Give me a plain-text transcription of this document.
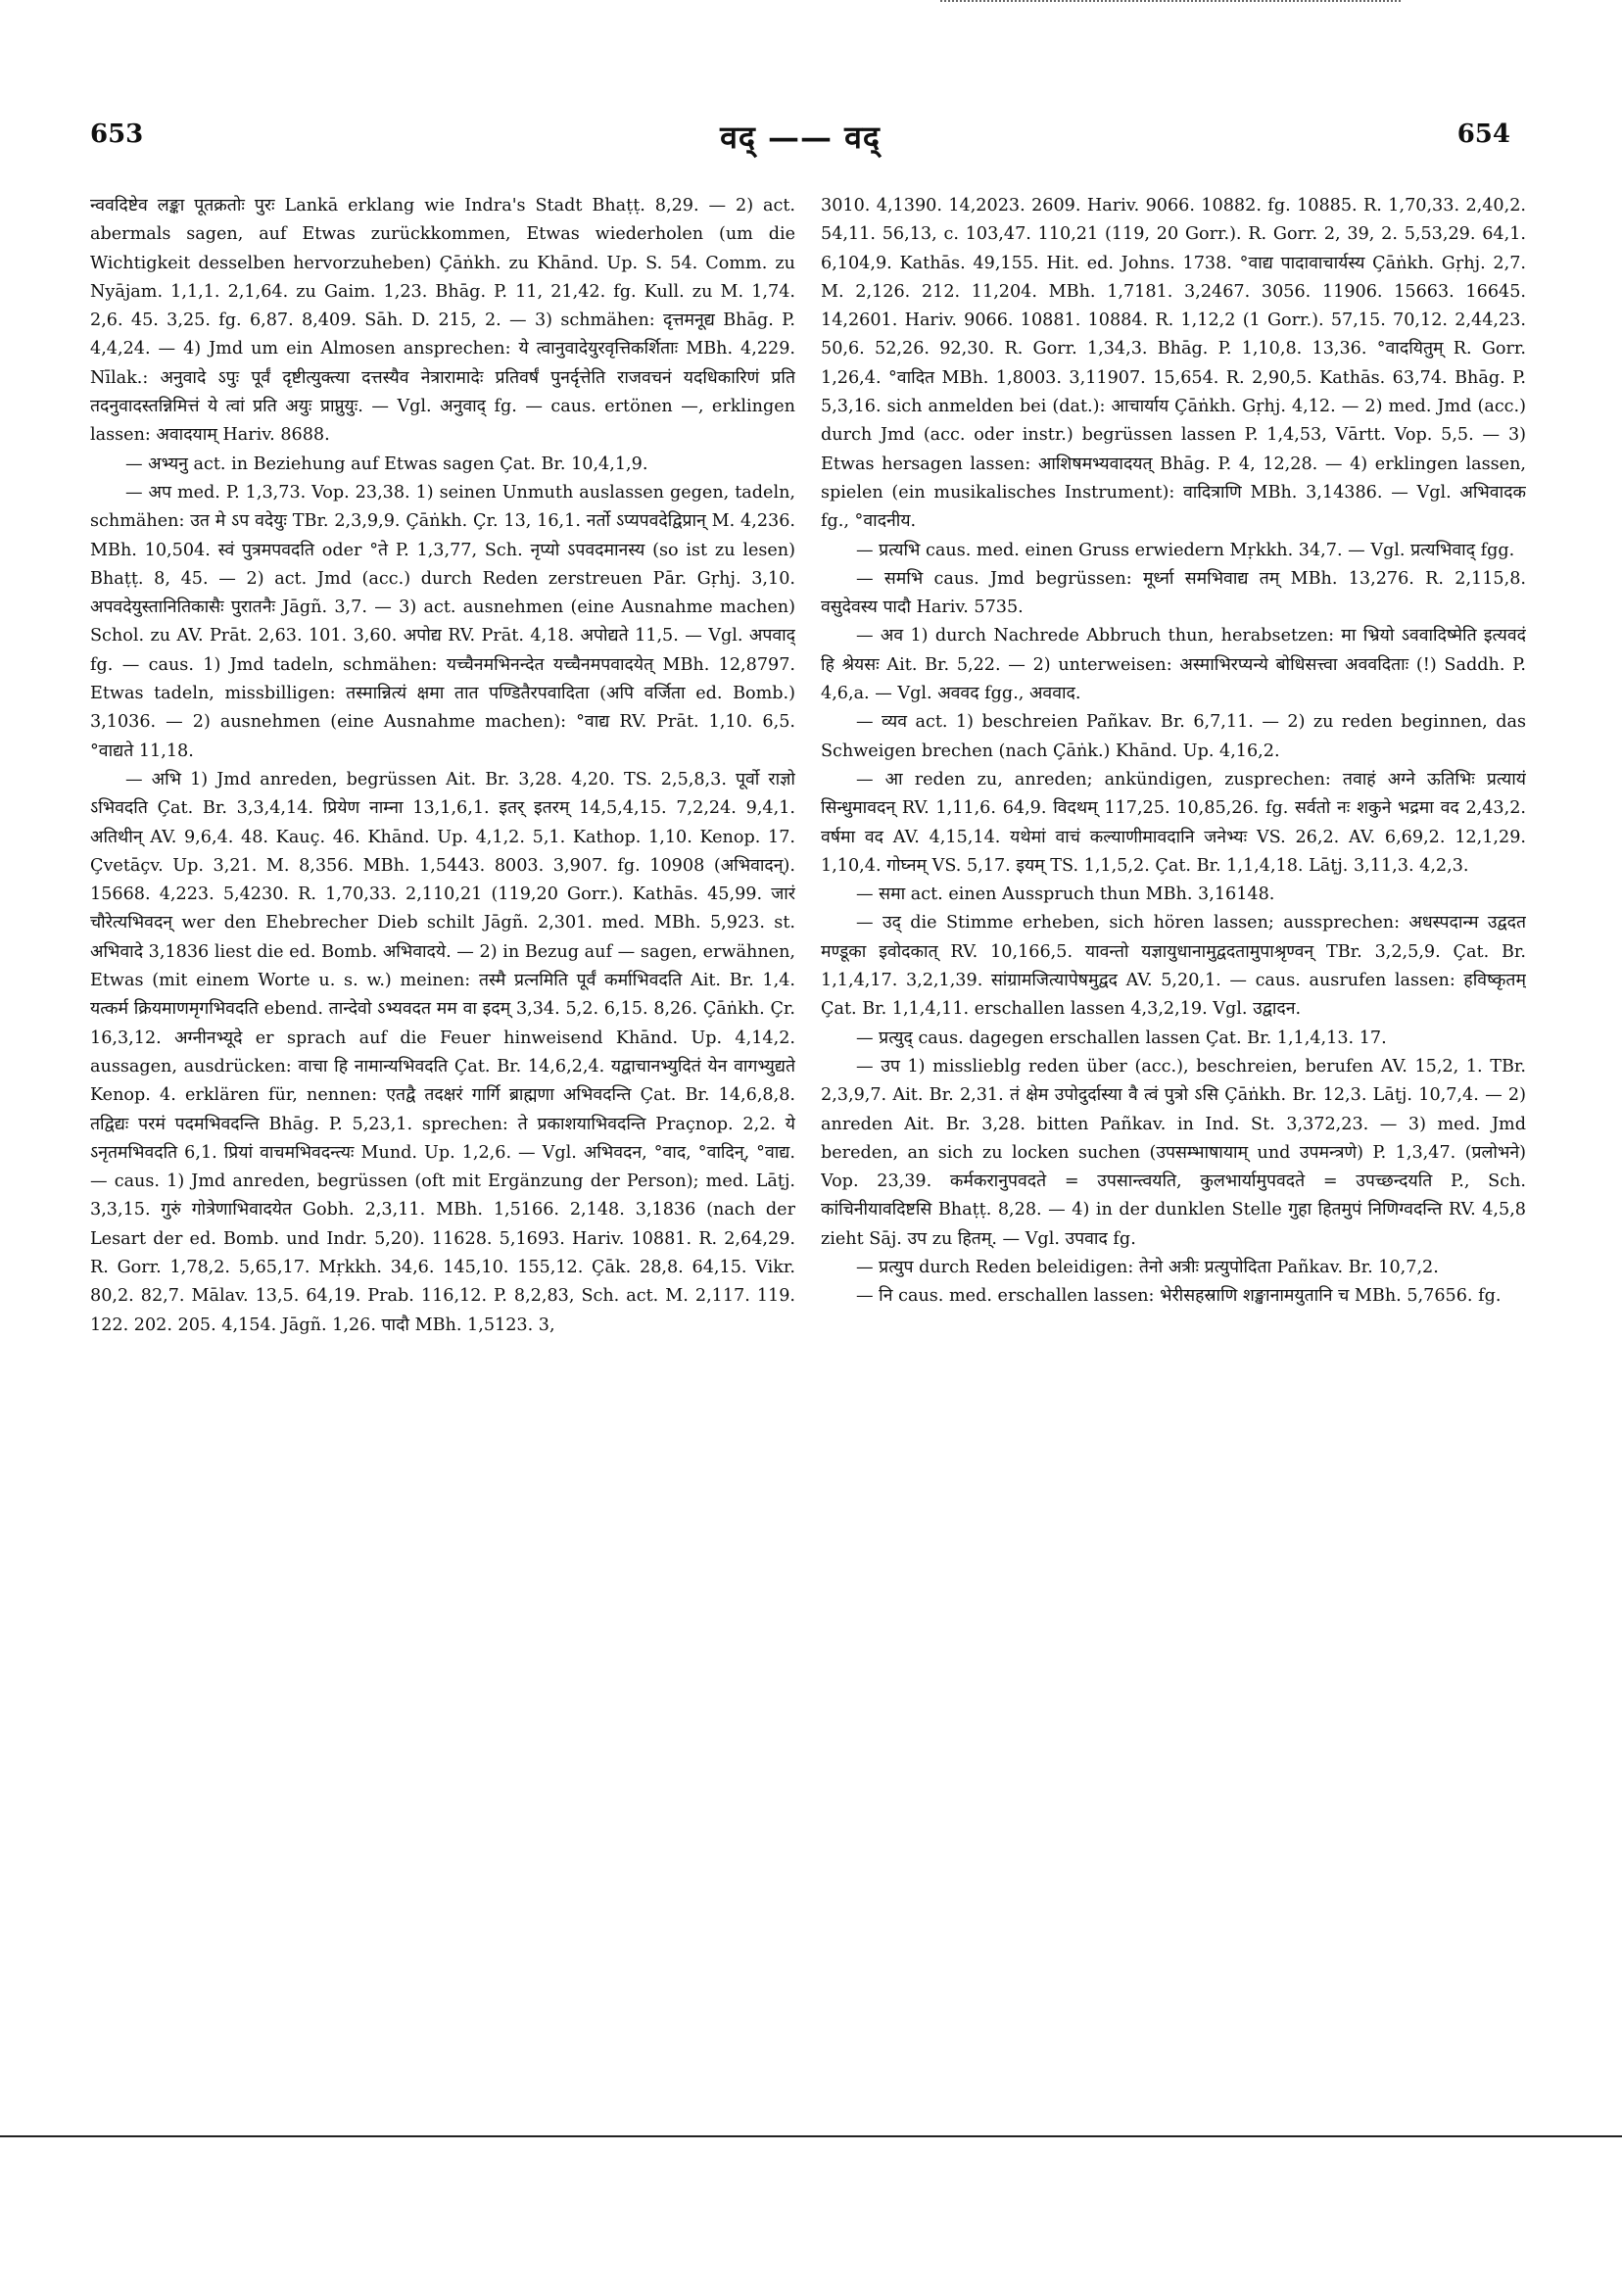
653	वद् —— वद्	654

न्ववदिष्टेव लङ्का पूतक्रतोः पुरः Lankā erklang wie Indra's Stadt Bhaṭṭ. 8,29. — 2) act. abermals sagen, auf Etwas zurückkommen, Etwas wiederholen (um die Wichtigkeit desselben hervorzuheben) Çāṅkh. zu Khānd. Up. S. 54. Comm. zu Nyājam. 1,1,1. 2,1,64. zu Gaim. 1,23. Bhāg. P. 11, 21,42. fg. Kull. zu M. 1,74. 2,6. 45. 3,25. fg. 6,87. 8,409. Sāh. D. 215, 2. — 3) schmähen: दृत्तमनूद्य Bhāg. P. 4,4,24. — 4) Jmd um ein Almosen ansprechen: ये त्वानुवादेयुरवृत्तिकर्शिताः MBh. 4,229. Nīlak.: अनुवादे ऽपुः पूर्वं दृष्टीत्युक्त्या दत्तस्यैव नेत्रारामादेः प्रतिवर्षं पुनर्दृत्तेति राजवचनं यदधिकारिणं प्रति तदनुवादस्तन्निमित्तं ये त्वां प्रति अयुः प्राप्नुयुः. — Vgl. अनुवाद् fg. — caus. ertönen —, erklingen lassen: अवादयाम् Hariv. 8688.

— अभ्यनु act. in Beziehung auf Etwas sagen Çat. Br. 10,4,1,9.

— अप med. P. 1,3,73. Vop. 23,38. 1) seinen Unmuth auslassen gegen, tadeln, schmähen: उत मे ऽप वदेयुः TBr. 2,3,9,9. Çāṅkh. Çr. 13, 16,1. नर्तो ऽप्यपवदेद्विप्रान् M. 4,236. MBh. 10,504. स्वं पुत्रमपवदति oder °ते P. 1,3,77, Sch. नृप्यो ऽपवदमानस्य (so ist zu lesen) Bhaṭṭ. 8, 45. — 2) act. Jmd (acc.) durch Reden zerstreuen Pār. Gṛhj. 3,10. अपवदेयुस्तानितिकासैः पुरातनैः Jāgñ. 3,7. — 3) act. ausnehmen (eine Ausnahme machen) Schol. zu AV. Prāt. 2,63. 101. 3,60. अपोद्य RV. Prāt. 4,18. अपोद्यते 11,5. — Vgl. अपवाद् fg. — caus. 1) Jmd tadeln, schmähen: यच्चैनमभिनन्देत यच्चैनमपवादयेत् MBh. 12,8797. Etwas tadeln, missbilligen: तस्मान्नित्यं क्षमा तात पण्डितैरपवादिता (अपि वर्जिता ed. Bomb.) 3,1036. — 2) ausnehmen (eine Ausnahme machen): °वाद्य RV. Prāt. 1,10. 6,5. °वाद्यते 11,18.

— अभि 1) Jmd anreden, begrüssen Ait. Br. 3,28. 4,20. TS. 2,5,8,3. पूर्वो राज्ञो ऽभिवदति Çat. Br. 3,3,4,14. प्रियेण नाम्ना 13,1,6,1. इतर् इतरम् 14,5,4,15. 7,2,24. 9,4,1. अतिथीन् AV. 9,6,4. 48. Kauç. 46. Khānd. Up. 4,1,2. 5,1. Kathop. 1,10. Kenop. 17. Çvetāçv. Up. 3,21. M. 8,356. MBh. 1,5443. 8003. 3,907. fg. 10908 (अभिवादन्). 15668. 4,223. 5,4230. R. 1,70,33. 2,110,21 (119,20 Gorr.). Kathās. 45,99. जारं चौरेत्यभिवदन् wer den Ehebrecher Dieb schilt Jāgñ. 2,301. med. MBh. 5,923. st. अभिवादे 3,1836 liest die ed. Bomb. अभिवादये. — 2) in Bezug auf — sagen, erwähnen, Etwas (mit einem Worte u. s. w.) meinen: तस्मै प्रत्नमिति पूर्वं कर्माभिवदति Ait. Br. 1,4. यत्कर्म क्रियमाणमृगभिवदति ebend. तान्देवो ऽभ्यवदत मम वा इदम् 3,34. 5,2. 6,15. 8,26. Çāṅkh. Çr. 16,3,12. अग्नीनभ्यूदे er sprach auf die Feuer hinweisend Khānd. Up. 4,14,2. aussagen, ausdrücken: वाचा हि नामान्यभिवदति Çat. Br. 14,6,2,4. यद्वाचानभ्युदितं येन वागभ्युद्यते Kenop. 4. erklären für, nennen: एतद्वै तदक्षरं गार्गि ब्राह्मणा अभिवदन्ति Çat. Br. 14,6,8,8. तद्विद्यः परमं पदमभिवदन्ति Bhāg. P. 5,23,1. sprechen: ते प्रकाशयाभिवदन्ति Praçnop. 2,2. ये ऽनृतमभिवदति 6,1. प्रियां वाचमभिवदन्त्यः Mund. Up. 1,2,6. — Vgl. अभिवदन, °वाद, °वादिन्, °वाद्य. — caus. 1) Jmd anreden, begrüssen (oft mit Ergänzung der Person); med. Lāṭj. 3,3,15. गुरुं गोत्रेणाभिवादयेत Gobh. 2,3,11. MBh. 1,5166. 2,148. 3,1836 (nach der Lesart der ed. Bomb. und Indr. 5,20). 11628. 5,1693. Hariv. 10881. R. 2,64,29. R. Gorr. 1,78,2. 5,65,17. Mṛkkh. 34,6. 145,10. 155,12. Çāk. 28,8. 64,15. Vikr. 80,2. 82,7. Mālav. 13,5. 64,19. Prab. 116,12. P. 8,2,83, Sch. act. M. 2,117. 119. 122. 202. 205. 4,154. Jāgñ. 1,26. पादौ MBh. 1,5123. 3,

3010. 4,1390. 14,2023. 2609. Hariv. 9066. 10882. fg. 10885. R. 1,70,33. 2,40,2. 54,11. 56,13, c. 103,47. 110,21 (119, 20 Gorr.). R. Gorr. 2, 39, 2. 5,53,29. 64,1. 6,104,9. Kathās. 49,155. Hit. ed. Johns. 1738. °वाद्य पादावाचार्यस्य Çāṅkh. Gṛhj. 2,7. M. 2,126. 212. 11,204. MBh. 1,7181. 3,2467. 3056. 11906. 15663. 16645. 14,2601. Hariv. 9066. 10881. 10884. R. 1,12,2 (1 Gorr.). 57,15. 70,12. 2,44,23. 50,6. 52,26. 92,30. R. Gorr. 1,34,3. Bhāg. P. 1,10,8. 13,36. °वादयितुम् R. Gorr. 1,26,4. °वादित MBh. 1,8003. 3,11907. 15,654. R. 2,90,5. Kathās. 63,74. Bhāg. P. 5,3,16. sich anmelden bei (dat.): आचार्याय Çāṅkh. Gṛhj. 4,12. — 2) med. Jmd (acc.) durch Jmd (acc. oder instr.) begrüssen lassen P. 1,4,53, Vārtt. Vop. 5,5. — 3) Etwas hersagen lassen: आशिषमभ्यवादयत् Bhāg. P. 4, 12,28. — 4) erklingen lassen, spielen (ein musikalisches Instrument): वादित्राणि MBh. 3,14386. — Vgl. अभिवादक fg., °वादनीय.

— प्रत्यभि caus. med. einen Gruss erwiedern Mṛkkh. 34,7. — Vgl. प्रत्यभिवाद् fgg.

— समभि caus. Jmd begrüssen: मूर्ध्ना समभिवाद्य तम् MBh. 13,276. R. 2,115,8. वसुदेवस्य पादौ Hariv. 5735.

— अव 1) durch Nachrede Abbruch thun, herabsetzen: मा भ्रियो ऽववादिष्मेति इत्यवदं हि श्रेयसः Ait. Br. 5,22. — 2) unterweisen: अस्माभिरप्यन्ये बोधिसत्त्वा अववदिताः (!) Saddh. P. 4,6,a. — Vgl. अववद fgg., अववाद.

— व्यव act. 1) beschreien Pañkav. Br. 6,7,11. — 2) zu reden beginnen, das Schweigen brechen (nach Çāṅk.) Khānd. Up. 4,16,2.

— आ reden zu, anreden; ankündigen, zusprechen: तवाहं अग्ने ऊतिभिः प्रत्यायं सिन्धुमावदन् RV. 1,11,6. 64,9. विदथम् 117,25. 10,85,26. fg. सर्वतो नः शकुने भद्रमा वद 2,43,2. वर्षमा वद AV. 4,15,14. यथेमां वाचं कल्याणीमावदानि जनेभ्यः VS. 26,2. AV. 6,69,2. 12,1,29. 1,10,4. गोघ्नम् VS. 5,17. इयम् TS. 1,1,5,2. Çat. Br. 1,1,4,18. Lāṭj. 3,11,3. 4,2,3.

— समा act. einen Ausspruch thun MBh. 3,16148.

— उद् die Stimme erheben, sich hören lassen; aussprechen: अधस्पदान्म उद्वदत मण्डूका इवोदकात् RV. 10,166,5. यावन्तो यज्ञायुधानामुद्वदतामुपाश्रृण्वन् TBr. 3,2,5,9. Çat. Br. 1,1,4,17. 3,2,1,39. सांग्रामजित्यापेषमुद्वद AV. 5,20,1. — caus. ausrufen lassen: हविष्कृतम् Çat. Br. 1,1,4,11. erschallen lassen 4,3,2,19. Vgl. उद्वादन.

— प्रत्युद् caus. dagegen erschallen lassen Çat. Br. 1,1,4,13. 17.

— उप 1) misslieblg reden über (acc.), beschreien, berufen AV. 15,2, 1. TBr. 2,3,9,7. Ait. Br. 2,31. तं क्षेम उपोदुर्दास्या वै त्वं पुत्रो ऽसि Çāṅkh. Br. 12,3. Lāṭj. 10,7,4. — 2) anreden Ait. Br. 3,28. bitten Pañkav. in Ind. St. 3,372,23. — 3) med. Jmd bereden, an sich zu locken suchen (उपसम्भाषायाम् und उपमन्त्रणे) P. 1,3,47. (प्रलोभने) Vop. 23,39. कर्मकरानुपवदते = उपसान्त्वयति, कुलभार्यामुपवदते = उपच्छन्दयति P., Sch. कांचिनीयावदिष्टसि Bhaṭṭ. 8,28. — 4) in der dunklen Stelle गुहा हितमुपं निणिग्वदन्ति RV. 4,5,8 zieht Sāj. उप zu हितम्. — Vgl. उपवाद fg.

— प्रत्युप durch Reden beleidigen: तेनो अत्रीः प्रत्युपोदिता Pañkav. Br. 10,7,2.

— नि caus. med. erschallen lassen: भेरीसहस्राणि शङ्खानामयुतानि च MBh. 5,7656. fg.
